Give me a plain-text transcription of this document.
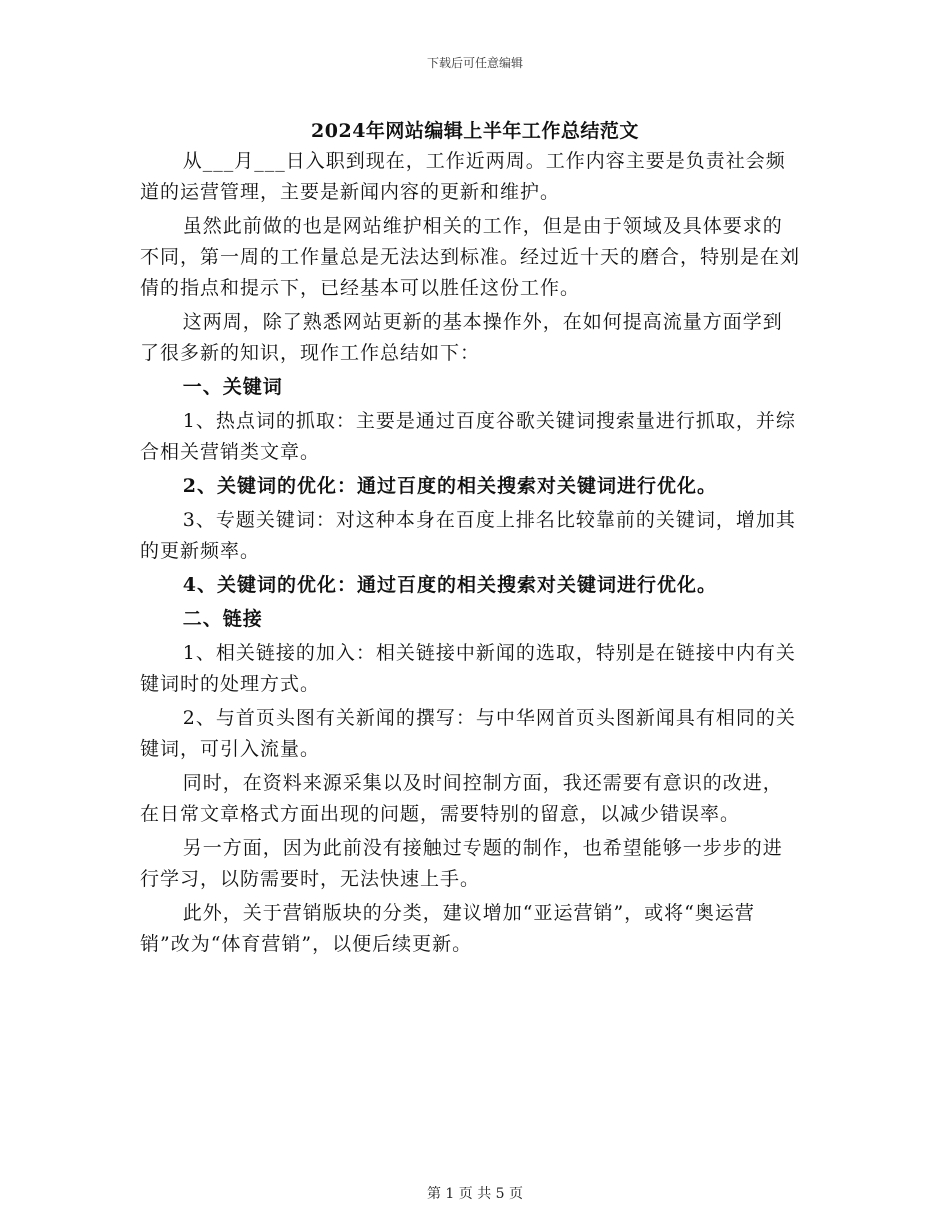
下载后可任意编辑
2024年网站编辑上半年工作总结范文

从___月___日入职到现在，工作近两周。工作内容主要是负责社会频道的运营管理，主要是新闻内容的更新和维护。

虽然此前做的也是网站维护相关的工作，但是由于领域及具体要求的不同，第一周的工作量总是无法达到标准。经过近十天的磨合，特别是在刘倩的指点和提示下，已经基本可以胜任这份工作。

这两周，除了熟悉网站更新的基本操作外，在如何提高流量方面学到了很多新的知识，现作工作总结如下：

一、关键词

1、热点词的抓取：主要是通过百度谷歌关键词搜索量进行抓取，并综合相关营销类文章。

2、关键词的优化：通过百度的相关搜索对关键词进行优化。

3、专题关键词：对这种本身在百度上排名比较靠前的关键词，增加其的更新频率。

4、关键词的优化：通过百度的相关搜索对关键词进行优化。

二、链接

1、相关链接的加入：相关链接中新闻的选取，特别是在链接中内有关键词时的处理方式。

2、与首页头图有关新闻的撰写：与中华网首页头图新闻具有相同的关键词，可引入流量。

同时，在资料来源采集以及时间控制方面，我还需要有意识的改进，在日常文章格式方面出现的问题，需要特别的留意，以减少错误率。

另一方面，因为此前没有接触过专题的制作，也希望能够一步步的进行学习，以防需要时，无法快速上手。

此外，关于营销版块的分类，建议增加“亚运营销”，或将“奥运营销”改为“体育营销”，以便后续更新。

第 1 页 共 5 页
